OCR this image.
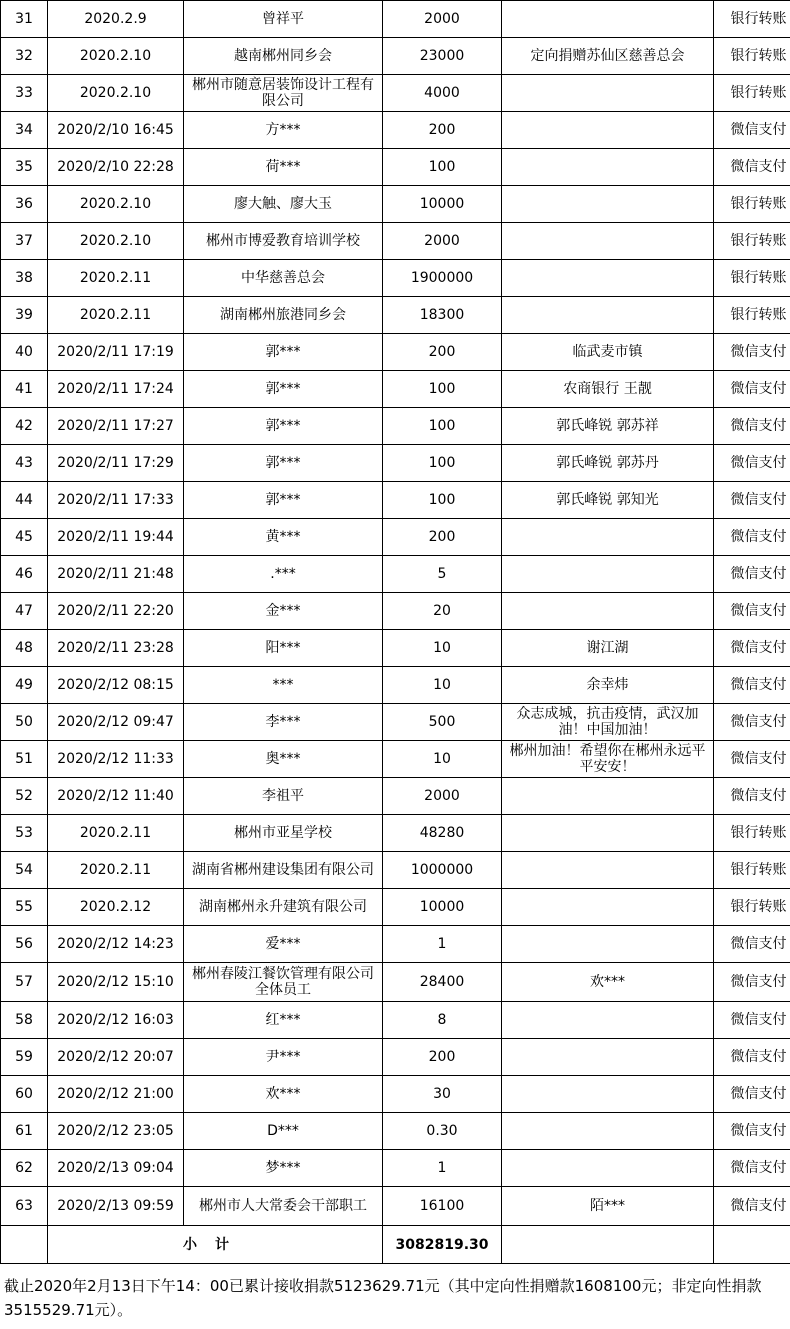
31	2020.2.9	曾祥平	2000		银行转账
32	2020.2.10	越南郴州同乡会	23000	定向捐赠苏仙区慈善总会	银行转账
33	2020.2.10	郴州市随意居装饰设计工程有限公司	4000		银行转账
34	2020/2/10 16:45	方***	200		微信支付
35	2020/2/10 22:28	荷***	100		微信支付
36	2020.2.10	廖大触、廖大玉	10000		银行转账
37	2020.2.10	郴州市博爱教育培训学校	2000		银行转账
38	2020.2.11	中华慈善总会	1900000		银行转账
39	2020.2.11	湖南郴州旅港同乡会	18300		银行转账
40	2020/2/11 17:19	郭***	200	临武麦市镇	微信支付
41	2020/2/11 17:24	郭***	100	农商银行 王靓	微信支付
42	2020/2/11 17:27	郭***	100	郭氏峰锐 郭苏祥	微信支付
43	2020/2/11 17:29	郭***	100	郭氏峰锐 郭苏丹	微信支付
44	2020/2/11 17:33	郭***	100	郭氏峰锐 郭知光	微信支付
45	2020/2/11 19:44	黄***	200		微信支付
46	2020/2/11 21:48	.***	5		微信支付
47	2020/2/11 22:20	金***	20		微信支付
48	2020/2/11 23:28	阳***	10	谢江湖	微信支付
49	2020/2/12 08:15	***	10	余幸炜	微信支付
50	2020/2/12 09:47	李***	500	众志成城，抗击疫情，武汉加油！中国加油！	微信支付
51	2020/2/12 11:33	奥***	10	郴州加油！希望你在郴州永远平平安安！	微信支付
52	2020/2/12 11:40	李祖平	2000		微信支付
53	2020.2.11	郴州市亚星学校	48280		银行转账
54	2020.2.11	湖南省郴州建设集团有限公司	1000000		银行转账
55	2020.2.12	湖南郴州永升建筑有限公司	10000		银行转账
56	2020/2/12 14:23	爱***	1		微信支付
57	2020/2/12 15:10	郴州春陵江餐饮管理有限公司全体员工	28400	欢***	微信支付
58	2020/2/12 16:03	红***	8		微信支付
59	2020/2/12 20:07	尹***	200		微信支付
60	2020/2/12 21:00	欢***	30		微信支付
61	2020/2/12 23:05	D***	0.30		微信支付
62	2020/2/13 09:04	梦***	1		微信支付
63	2020/2/13 09:59	郴州市人大常委会干部职工	16100	陌***	微信支付
	小计		3082819.30		
截止2020年2月13日下午14：00已累计接收捐款5123629.71元（其中定向性捐赠款1608100元；非定向性捐款3515529.71元）。
